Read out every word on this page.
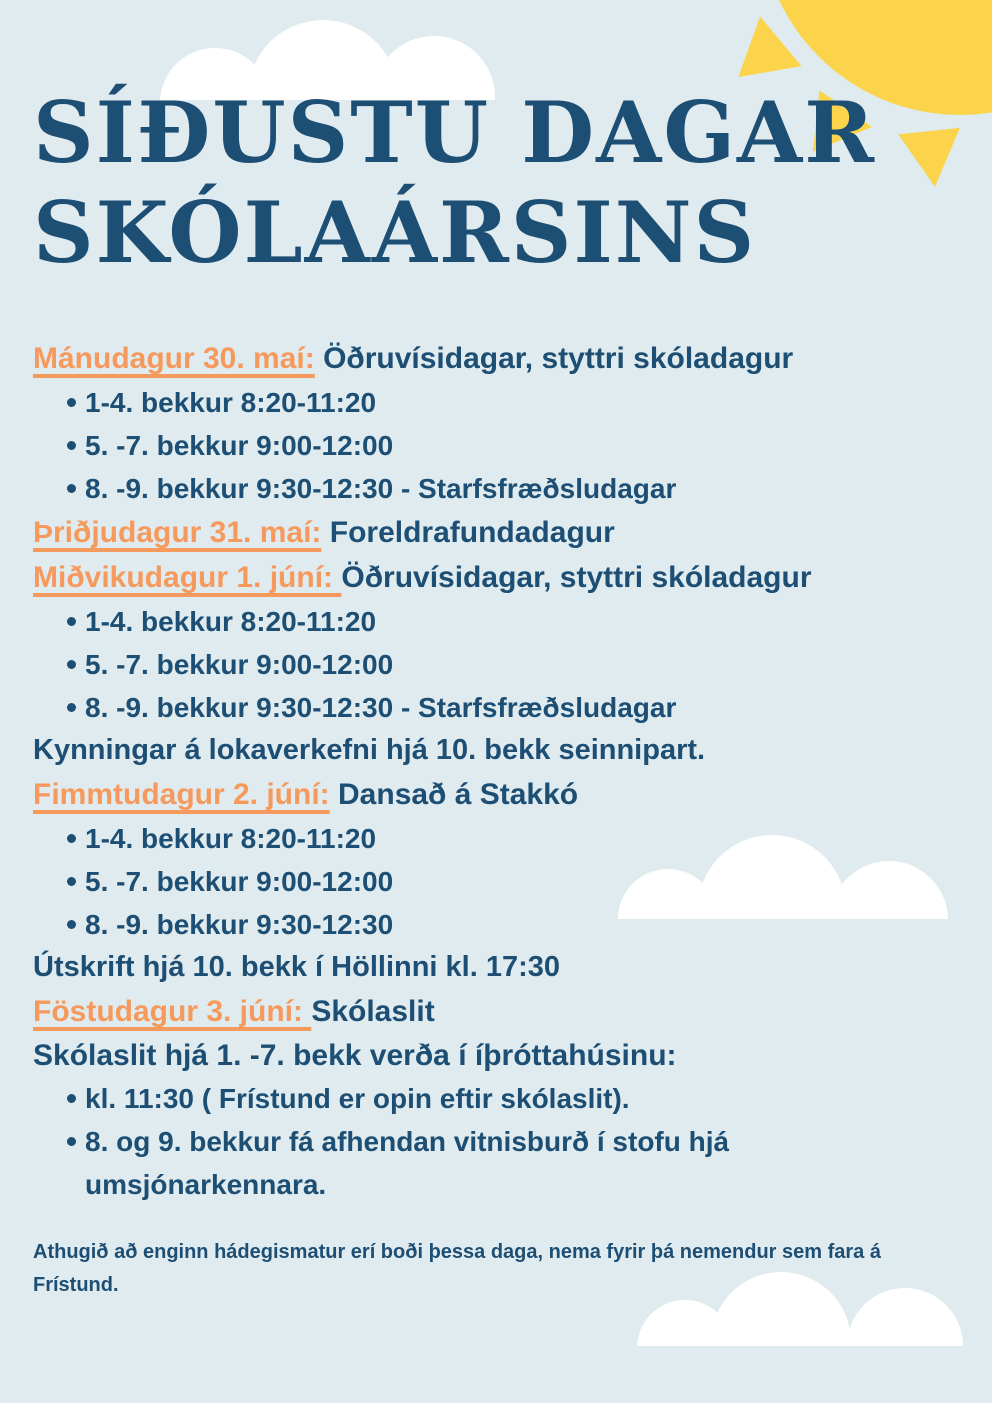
SÍÐUSTU DAGAR
SKÓLAÁRSINS

Mánudagur 30. maí: Öðruvísidagar, styttri skóladagur

1-4. bekkur 8:20-11:20
5. -7. bekkur 9:00-12:00
8. -9. bekkur 9:30-12:30 - Starfsfræðsludagar

Þriðjudagur 31. maí: Foreldrafundadagur

Miðvikudagur 1. júní: Öðruvísidagar, styttri skóladagur

1-4. bekkur 8:20-11:20
5. -7. bekkur 9:00-12:00
8. -9. bekkur 9:30-12:30 - Starfsfræðsludagar

Kynningar á lokaverkefni hjá 10. bekk seinnipart.

Fimmtudagur 2. júní: Dansað á Stakkó

1-4. bekkur 8:20-11:20
5. -7. bekkur 9:00-12:00
8. -9. bekkur 9:30-12:30

Útskrift hjá 10. bekk í Höllinni kl. 17:30

Föstudagur 3. júní: Skólaslit

Skólaslit hjá 1. -7. bekk verða í íþróttahúsinu:

kl. 11:30 ( Frístund er opin eftir skólaslit).
8. og 9. bekkur fá afhendan vitnisburð í stofu hjá umsjónarkennara.

Athugið að enginn hádegismatur erí boði þessa daga, nema fyrir þá nemendur sem fara á
Frístund.
